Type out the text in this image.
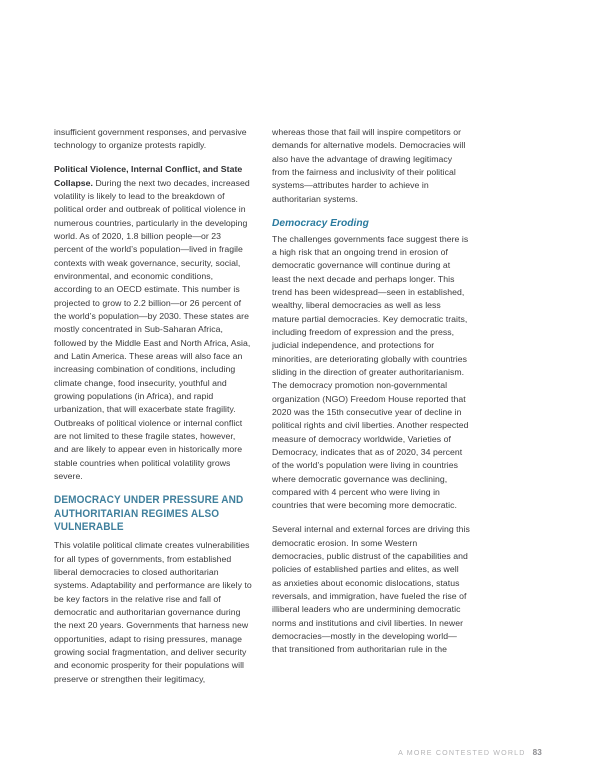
insufficient government responses, and pervasive technology to organize protests rapidly.

Political Violence, Internal Conflict, and State Collapse. During the next two decades, increased volatility is likely to lead to the breakdown of political order and outbreak of political violence in numerous countries, particularly in the developing world. As of 2020, 1.8 billion people—or 23 percent of the world’s population—lived in fragile contexts with weak governance, security, social, environmental, and economic conditions, according to an OECD estimate. This number is projected to grow to 2.2 billion—or 26 percent of the world’s population—by 2030. These states are mostly concentrated in Sub-Saharan Africa, followed by the Middle East and North Africa, Asia, and Latin America. These areas will also face an increasing combination of conditions, including climate change, food insecurity, youthful and growing populations (in Africa), and rapid urbanization, that will exacerbate state fragility. Outbreaks of political violence or internal conflict are not limited to these fragile states, however, and are likely to appear even in historically more stable countries when political volatility grows severe.

DEMOCRACY UNDER PRESSURE AND AUTHORITARIAN REGIMES ALSO VULNERABLE

This volatile political climate creates vulnerabilities for all types of governments, from established liberal democracies to closed authoritarian systems. Adaptability and performance are likely to be key factors in the relative rise and fall of democratic and authoritarian governance during the next 20 years. Governments that harness new opportunities, adapt to rising pressures, manage growing social fragmentation, and deliver security and economic prosperity for their populations will preserve or strengthen their legitimacy,

whereas those that fail will inspire competitors or demands for alternative models. Democracies will also have the advantage of drawing legitimacy from the fairness and inclusivity of their political systems—attributes harder to achieve in authoritarian systems.

Democracy Eroding

The challenges governments face suggest there is a high risk that an ongoing trend in erosion of democratic governance will continue during at least the next decade and perhaps longer. This trend has been widespread—seen in established, wealthy, liberal democracies as well as less mature partial democracies. Key democratic traits, including freedom of expression and the press, judicial independence, and protections for minorities, are deteriorating globally with countries sliding in the direction of greater authoritarianism. The democracy promotion non-governmental organization (NGO) Freedom House reported that 2020 was the 15th consecutive year of decline in political rights and civil liberties. Another respected measure of democracy worldwide, Varieties of Democracy, indicates that as of 2020, 34 percent of the world’s population were living in countries where democratic governance was declining, compared with 4 percent who were living in countries that were becoming more democratic.

Several internal and external forces are driving this democratic erosion. In some Western democracies, public distrust of the capabilities and policies of established parties and elites, as well as anxieties about economic dislocations, status reversals, and immigration, have fueled the rise of illiberal leaders who are undermining democratic norms and institutions and civil liberties. In newer democracies—mostly in the developing world—that transitioned from authoritarian rule in the

A MORE CONTESTED WORLD 83
